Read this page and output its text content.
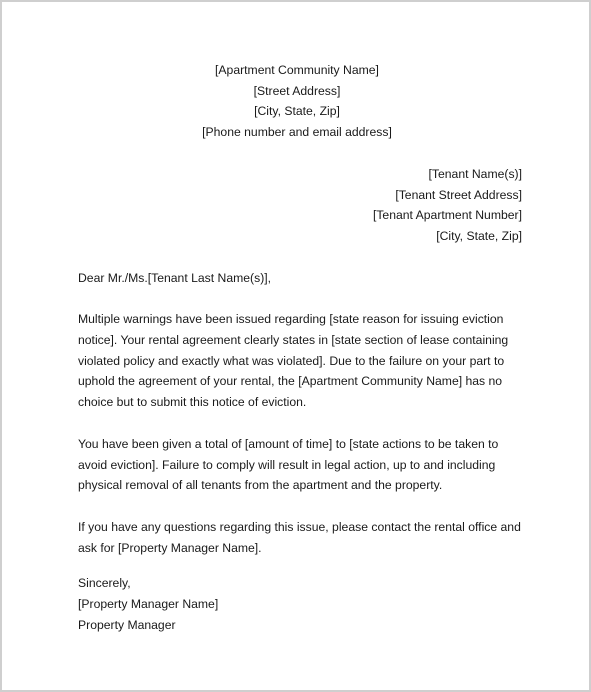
[Apartment Community Name]
[Street Address]
[City, State, Zip]
[Phone number and email address]
[Tenant Name(s)]
[Tenant Street Address]
[Tenant Apartment Number]
[City, State, Zip]
Dear Mr./Ms.[Tenant Last Name(s)],
Multiple warnings have been issued regarding [state reason for issuing eviction
notice]. Your rental agreement clearly states in [state section of lease containing
violated policy and exactly what was violated]. Due to the failure on your part to
uphold the agreement of your rental, the [Apartment Community Name] has no
choice but to submit this notice of eviction.
You have been given a total of [amount of time] to [state actions to be taken to
avoid eviction]. Failure to comply will result in legal action, up to and including
physical removal of all tenants from the apartment and the property.
If you have any questions regarding this issue, please contact the rental office and
ask for [Property Manager Name].
Sincerely,
[Property Manager Name]
Property Manager
